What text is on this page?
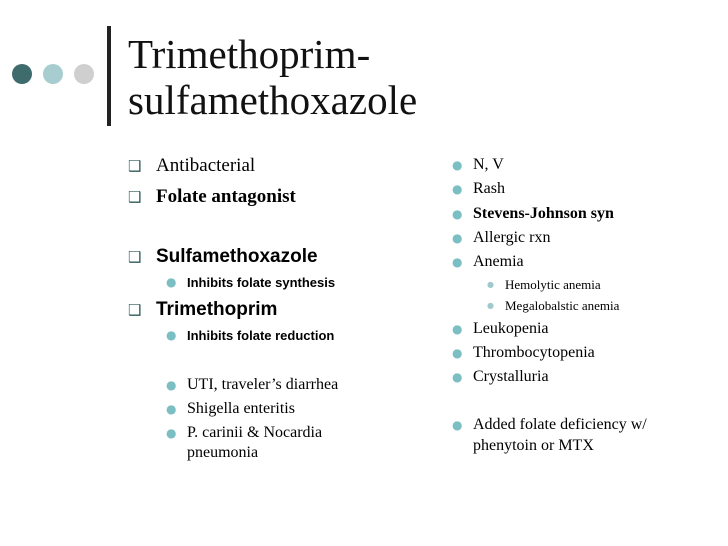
Trimethoprim-
sulfamethoxazole
❑ Antibacterial
❑ Folate antagonist
❑ Sulfamethoxazole
● Inhibits folate synthesis
❑ Trimethoprim
● Inhibits folate reduction
● UTI, traveler’s diarrhea
● Shigella enteritis
● P. carinii & Nocardia
pneumonia
● N, V
● Rash
● Stevens-Johnson syn
● Allergic rxn
● Anemia
● Hemolytic anemia
● Megalobalstic anemia
● Leukopenia
● Thrombocytopenia
● Crystalluria
● Added folate deficiency w/
phenytoin or MTX
